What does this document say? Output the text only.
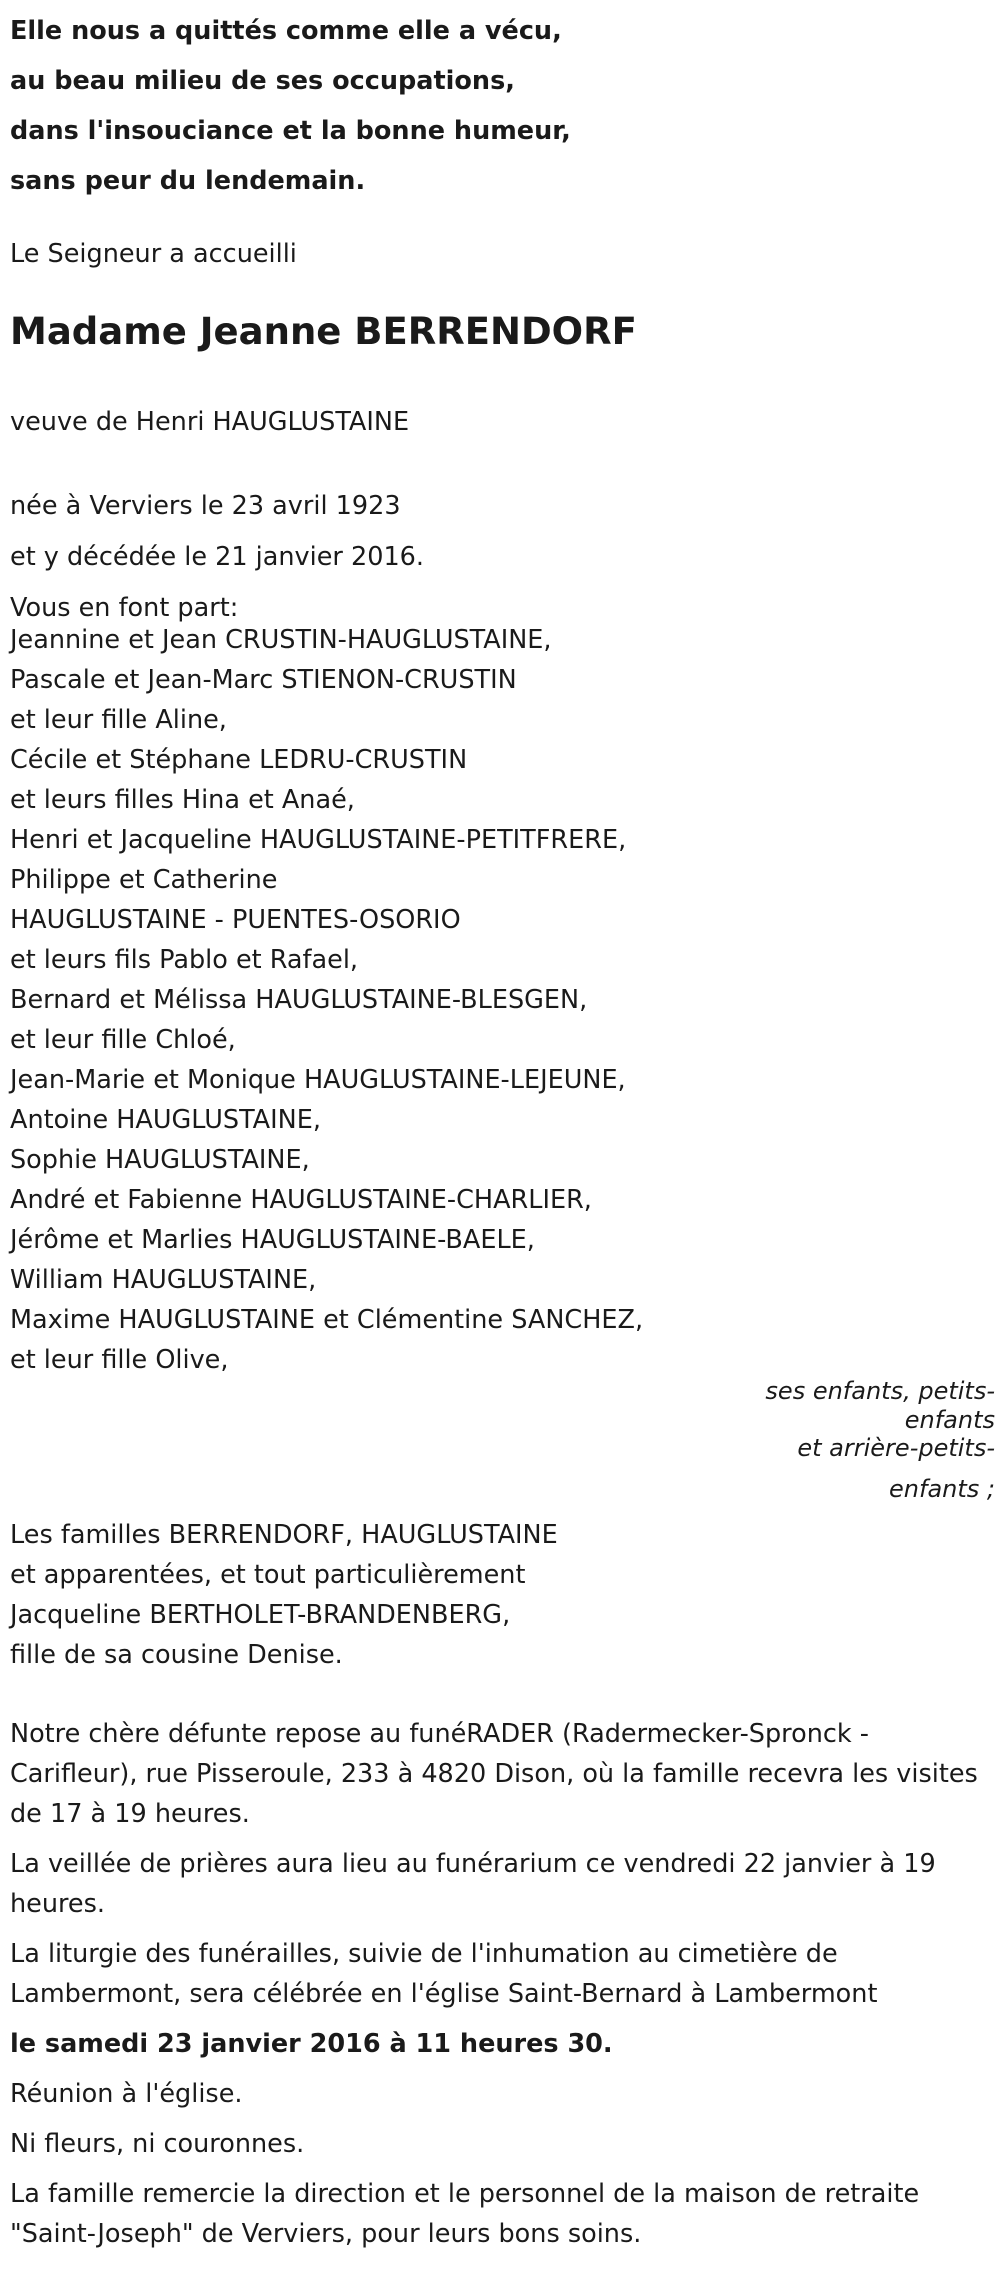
Elle nous a quittés comme elle a vécu,

au beau milieu de ses occupations,

dans l'insouciance et la bonne humeur,

sans peur du lendemain.

Le Seigneur a accueilli

Madame Jeanne BERRENDORF

veuve de Henri HAUGLUSTAINE

née à Verviers le 23 avril 1923

et y décédée le 21 janvier 2016.

Vous en font part:

Jeannine et Jean CRUSTIN-HAUGLUSTAINE,

Pascale et Jean-Marc STIENON-CRUSTIN

et leur fille Aline,

Cécile et Stéphane LEDRU-CRUSTIN

et leurs filles Hina et Anaé,

Henri et Jacqueline HAUGLUSTAINE-PETITFRERE,

Philippe et Catherine

HAUGLUSTAINE - PUENTES-OSORIO

et leurs fils Pablo et Rafael,

Bernard et Mélissa HAUGLUSTAINE-BLESGEN,

et leur fille Chloé,

Jean-Marie et Monique HAUGLUSTAINE-LEJEUNE,

Antoine HAUGLUSTAINE,

Sophie HAUGLUSTAINE,

André et Fabienne HAUGLUSTAINE-CHARLIER,

Jérôme et Marlies HAUGLUSTAINE-BAELE,

William HAUGLUSTAINE,

Maxime HAUGLUSTAINE et Clémentine SANCHEZ,

et leur fille Olive,

ses enfants, petits-
enfants
et arrière-petits-
enfants ;

Les familles BERRENDORF, HAUGLUSTAINE

et apparentées, et tout particulièrement

Jacqueline BERTHOLET-BRANDENBERG,

fille de sa cousine Denise.

Notre chère défunte repose au funéRADER (Radermecker-Spronck - Carifleur), rue Pisseroule, 233 à 4820 Dison, où la famille recevra les visites de 17 à 19 heures.

La veillée de prières aura lieu au funérarium ce vendredi 22 janvier à 19 heures.

La liturgie des funérailles, suivie de l'inhumation au cimetière de Lambermont, sera célébrée en l'église Saint-Bernard à Lambermont

le samedi 23 janvier 2016 à 11 heures 30.

Réunion à l'église.

Ni fleurs, ni couronnes.

La famille remercie la direction et le personnel de la maison de retraite "Saint-Joseph" de Verviers, pour leurs bons soins.
